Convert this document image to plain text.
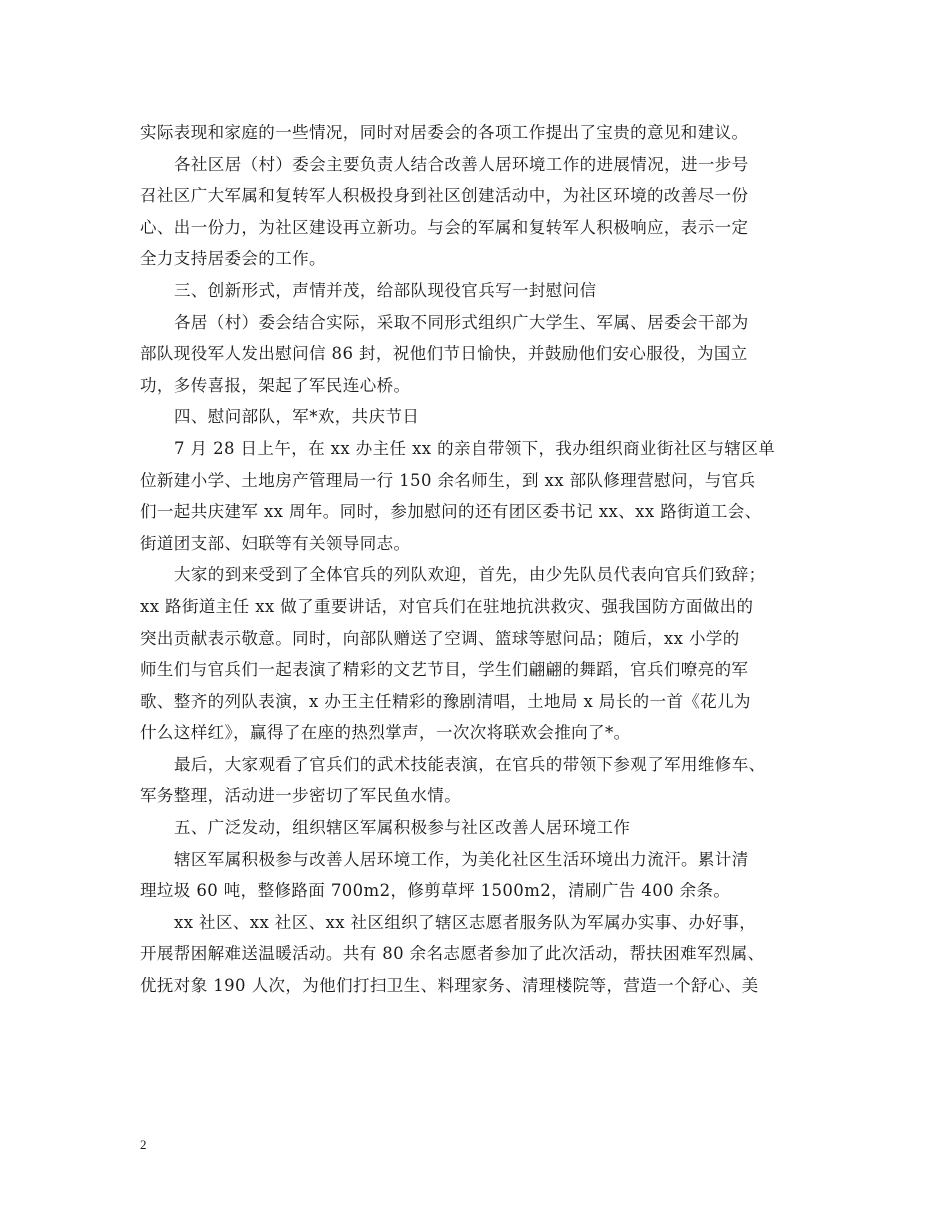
实际表现和家庭的一些情况，同时对居委会的各项工作提出了宝贵的意见和建议。
各社区居（村）委会主要负责人结合改善人居环境工作的进展情况，进一步号
召社区广大军属和复转军人积极投身到社区创建活动中，为社区环境的改善尽一份
心、出一份力，为社区建设再立新功。与会的军属和复转军人积极响应，表示一定
全力支持居委会的工作。
三、创新形式，声情并茂，给部队现役官兵写一封慰问信
各居（村）委会结合实际，采取不同形式组织广大学生、军属、居委会干部为
部队现役军人发出慰问信 86 封，祝他们节日愉快，并鼓励他们安心服役，为国立
功，多传喜报，架起了军民连心桥。
四、慰问部队，军*欢，共庆节日
7 月 28 日上午，在 xx 办主任 xx 的亲自带领下，我办组织商业街社区与辖区单
位新建小学、土地房产管理局一行 150 余名师生，到 xx 部队修理营慰问，与官兵
们一起共庆建军 xx 周年。同时，参加慰问的还有团区委书记 xx、xx 路街道工会、
街道团支部、妇联等有关领导同志。
大家的到来受到了全体官兵的列队欢迎，首先，由少先队员代表向官兵们致辞；
xx 路街道主任 xx 做了重要讲话，对官兵们在驻地抗洪救灾、强我国防方面做出的
突出贡献表示敬意。同时，向部队赠送了空调、篮球等慰问品；随后，xx 小学的
师生们与官兵们一起表演了精彩的文艺节目，学生们翩翩的舞蹈，官兵们嘹亮的军
歌、整齐的列队表演，x 办王主任精彩的豫剧清唱，土地局 x 局长的一首《花儿为
什么这样红》，赢得了在座的热烈掌声，一次次将联欢会推向了*。
最后，大家观看了官兵们的武术技能表演，在官兵的带领下参观了军用维修车、
军务整理，活动进一步密切了军民鱼水情。
五、广泛发动，组织辖区军属积极参与社区改善人居环境工作
辖区军属积极参与改善人居环境工作，为美化社区生活环境出力流汗。累计清
理垃圾 60 吨，整修路面 700m2，修剪草坪 1500m2，清刷广告 400 余条。
xx 社区、xx 社区、xx 社区组织了辖区志愿者服务队为军属办实事、办好事，
开展帮困解难送温暖活动。共有 80 余名志愿者参加了此次活动，帮扶困难军烈属、
优抚对象 190 人次，为他们打扫卫生、料理家务、清理楼院等，营造一个舒心、美
2
